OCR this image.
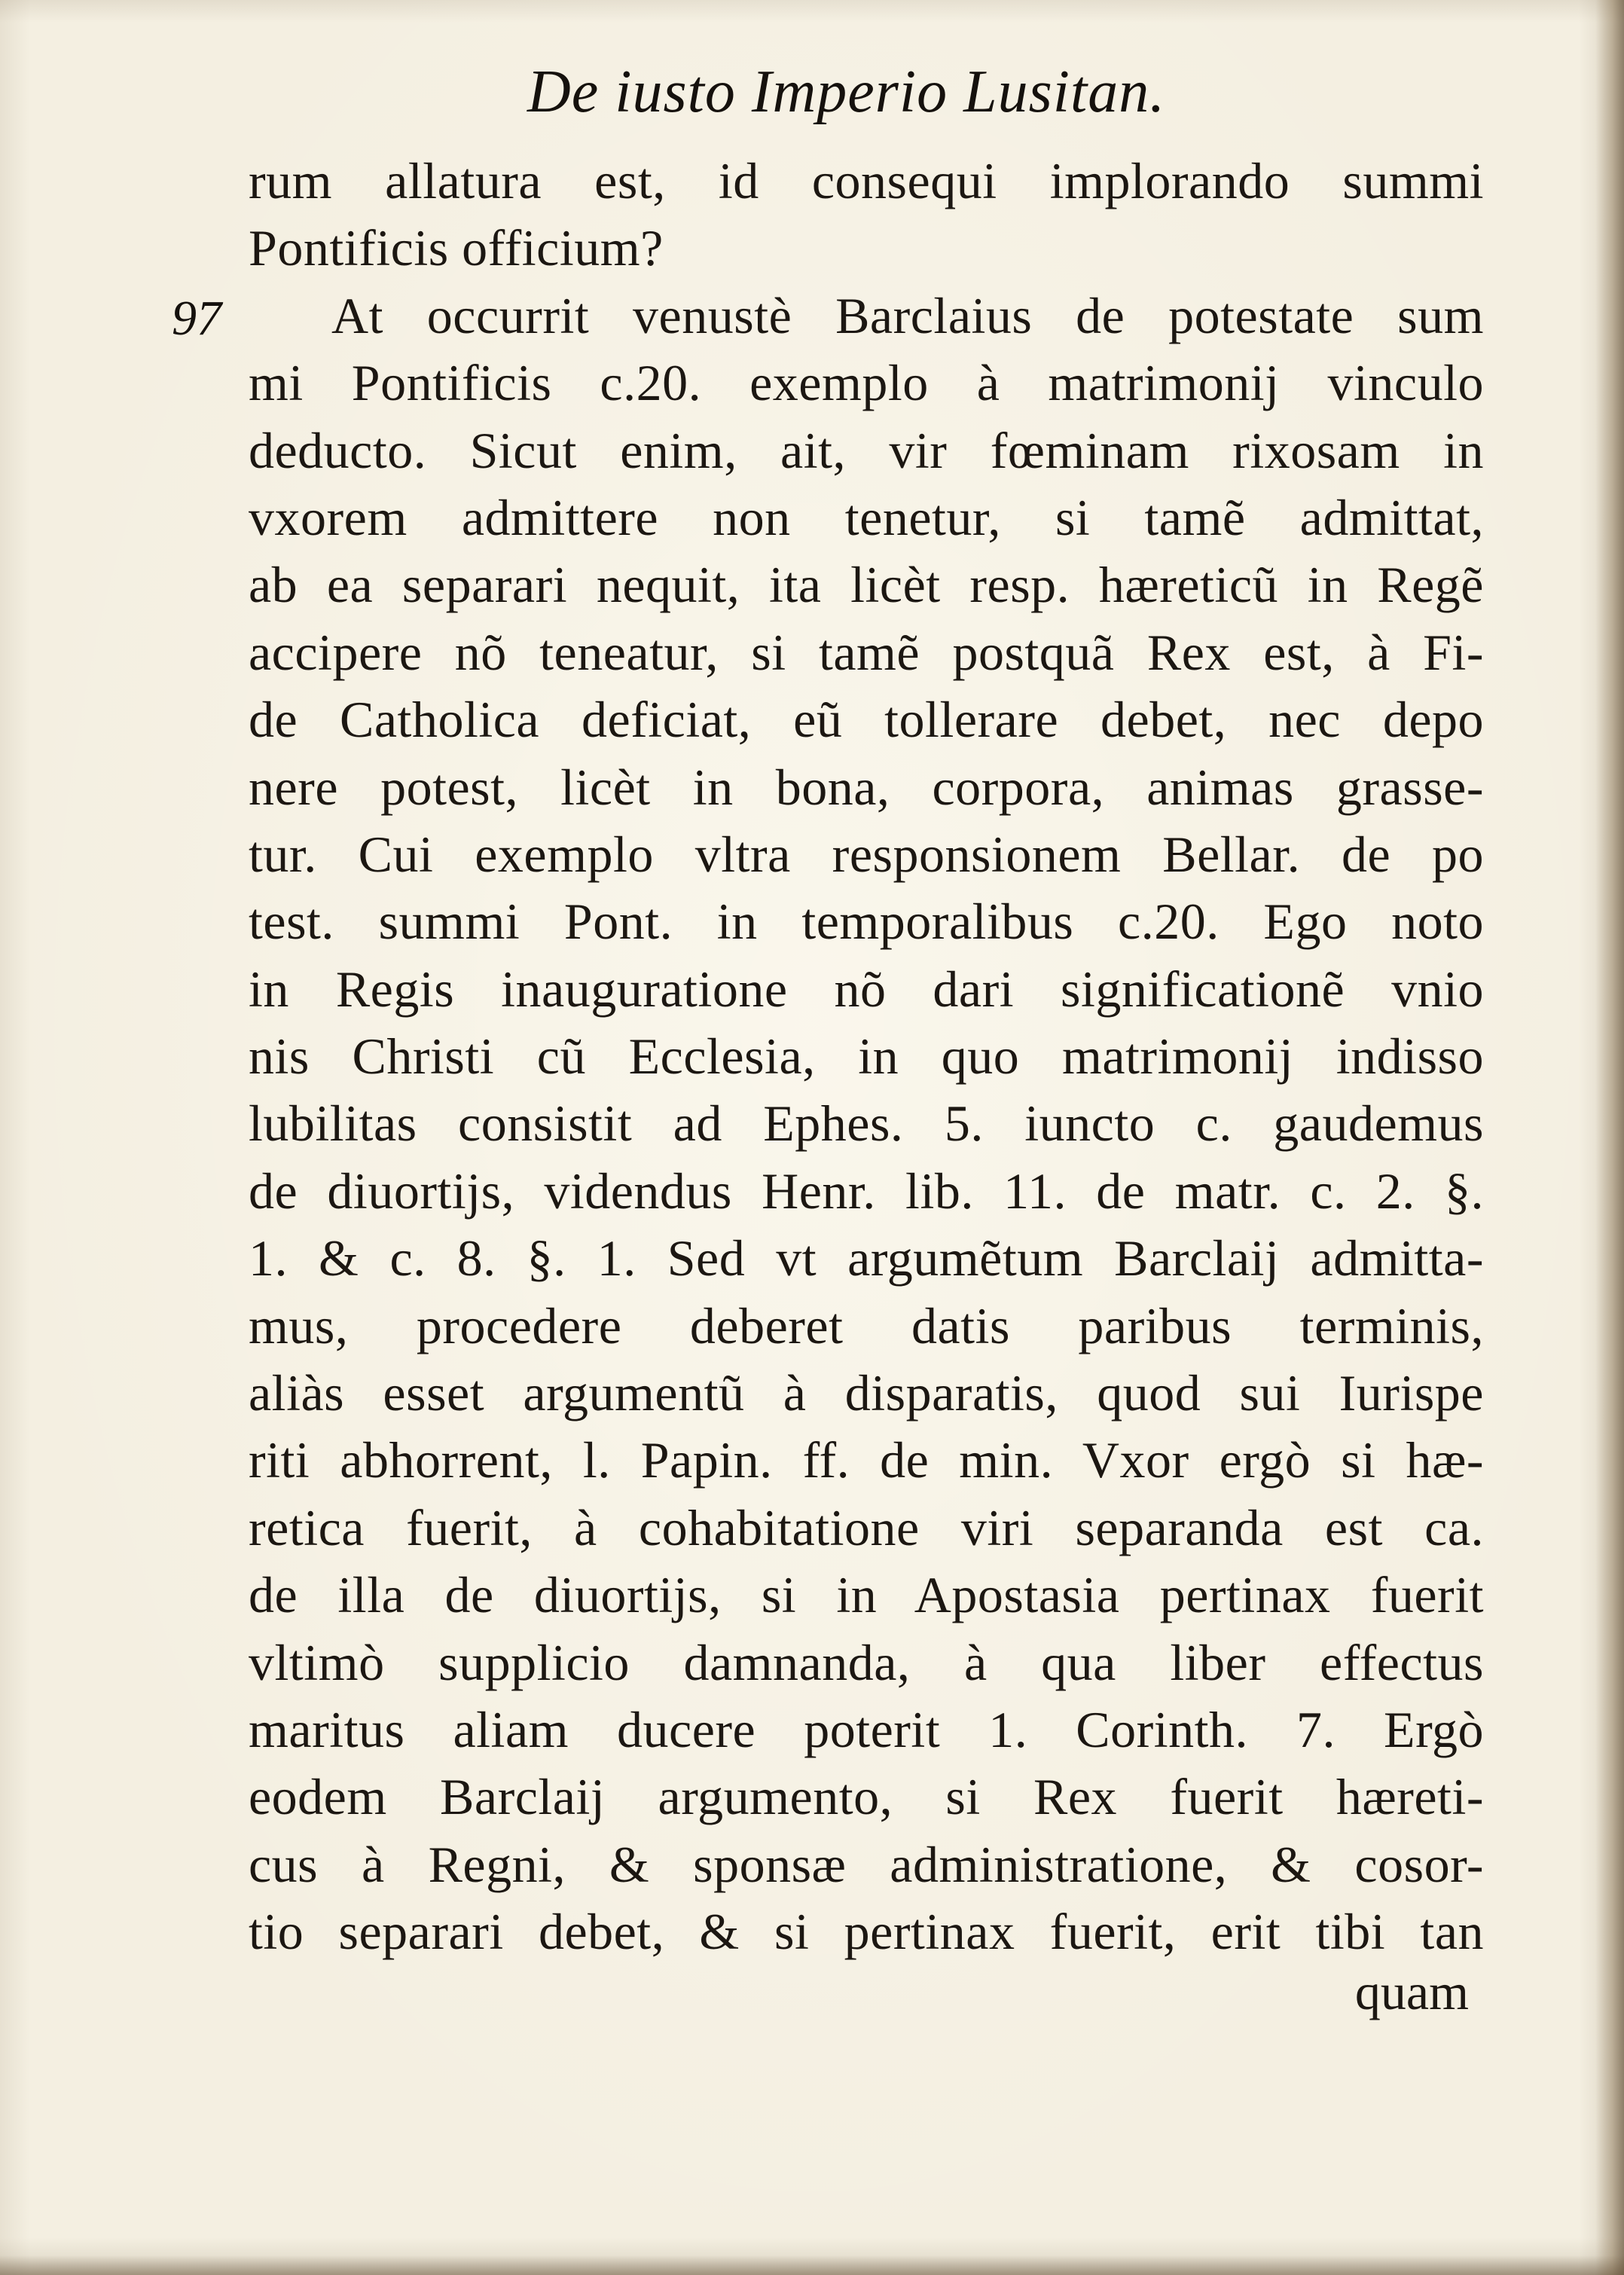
De iusto Imperio Lusitan.
97
rum allatura est, id consequi implorando summi
Pontificis officium?
At occurrit venustè Barclaius de potestate sum
mi Pontificis c.20. exemplo à matrimonij vinculo
deducto. Sicut enim, ait, vir fœminam rixosam in
vxorem admittere non tenetur, si tamẽ admittat,
ab ea separari nequit, ita licèt resp. hæreticũ in Regẽ
accipere nõ teneatur, si tamẽ postquã Rex est, à Fi-
de Catholica deficiat, eũ tollerare debet, nec depo
nere potest, licèt in bona, corpora, animas grasse-
tur. Cui exemplo vltra responsionem Bellar. de po
test. summi Pont. in temporalibus c.20. Ego noto
in Regis inauguratione nõ dari significationẽ vnio
nis Christi cũ Ecclesia, in quo matrimonij indisso
lubilitas consistit ad Ephes. 5. iuncto c. gaudemus
de diuortijs, videndus Henr. lib. 11. de matr. c. 2. §.
1. & c. 8. §. 1. Sed vt argumẽtum Barclaij admitta-
mus, procedere deberet datis paribus terminis,
aliàs esset argumentũ à disparatis, quod sui Iurispe
riti abhorrent, l. Papin. ff. de min. Vxor ergò si hæ-
retica fuerit, à cohabitatione viri separanda est ca.
de illa de diuortijs, si in Apostasia pertinax fuerit
vltimò supplicio damnanda, à qua liber effectus
maritus aliam ducere poterit 1. Corinth. 7. Ergò
eodem Barclaij argumento, si Rex fuerit hæreti-
cus à Regni, & sponsæ administratione, & cosor-
tio separari debet, & si pertinax fuerit, erit tibi tan
quam
